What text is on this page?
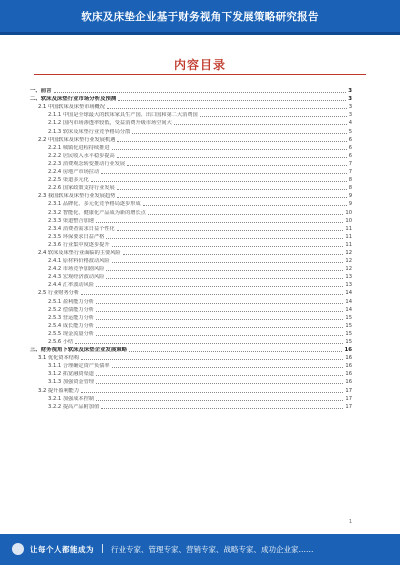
软床及床垫企业基于财务视角下发展策略研究报告
内容目录
一、前言	3
二、软床及床垫行业市场分析及预测	3
2.1 中国软床及床垫市场概况	3
2.1.1 中国是全球最大的软床家具生产国、出口国和第二大消费国	3
2.1.2 国内市场渗透率较低，受益消费升级市场空间大	4
2.1.3 软床及床垫行业竞争格局分散	5
2.2 中国软床及床垫行业发展机遇	6
2.2.1 城镇化进程持续推进	6
2.2.2 居民收入水平稳步提高	6
2.2.3 消费观念转变推动行业发展	7
2.2.4 房地产市场拉动	7
2.2.5 渠道多元化	8
2.2.6 国家政策支持行业发展	8
2.3 我国软床及床垫行业发展趋势	9
2.3.1 品牌化、多元化竞争格局逐步形成	9
2.3.2 智能化、健康化产品成为新的增长点	10
2.3.3 渠道整合加速	10
2.3.4 消费者需求日益个性化	11
2.3.5 环保要求日益严格	11
2.3.6 行业集中度逐步提升	11
2.4 软床及床垫行业面临的主要风险	12
2.4.1 原材料价格波动风险	12
2.4.2 市场竞争加剧风险	12
2.4.3 宏观经济波动风险	13
2.4.4 汇率波动风险	13
2.5 行业财务分析	14
2.5.1 盈利能力分析	14
2.5.2 偿债能力分析	14
2.5.3 营运能力分析	15
2.5.4 成长能力分析	15
2.5.5 现金流量分析	15
2.5.6 小结	15
三、财务视角下软床及床垫企业发展策略	16
3.1 优化资本结构	16
3.1.1 合理确定资产负债率	16
3.1.2 拓宽融资渠道	16
3.1.3 加强资金管理	16
3.2 提升盈利能力	17
3.2.1 加强成本控制	17
3.2.2 提高产品附加值	17
1
让每个人都能成为 行业专家、管理专家、营销专家、战略专家、成功企业家……
